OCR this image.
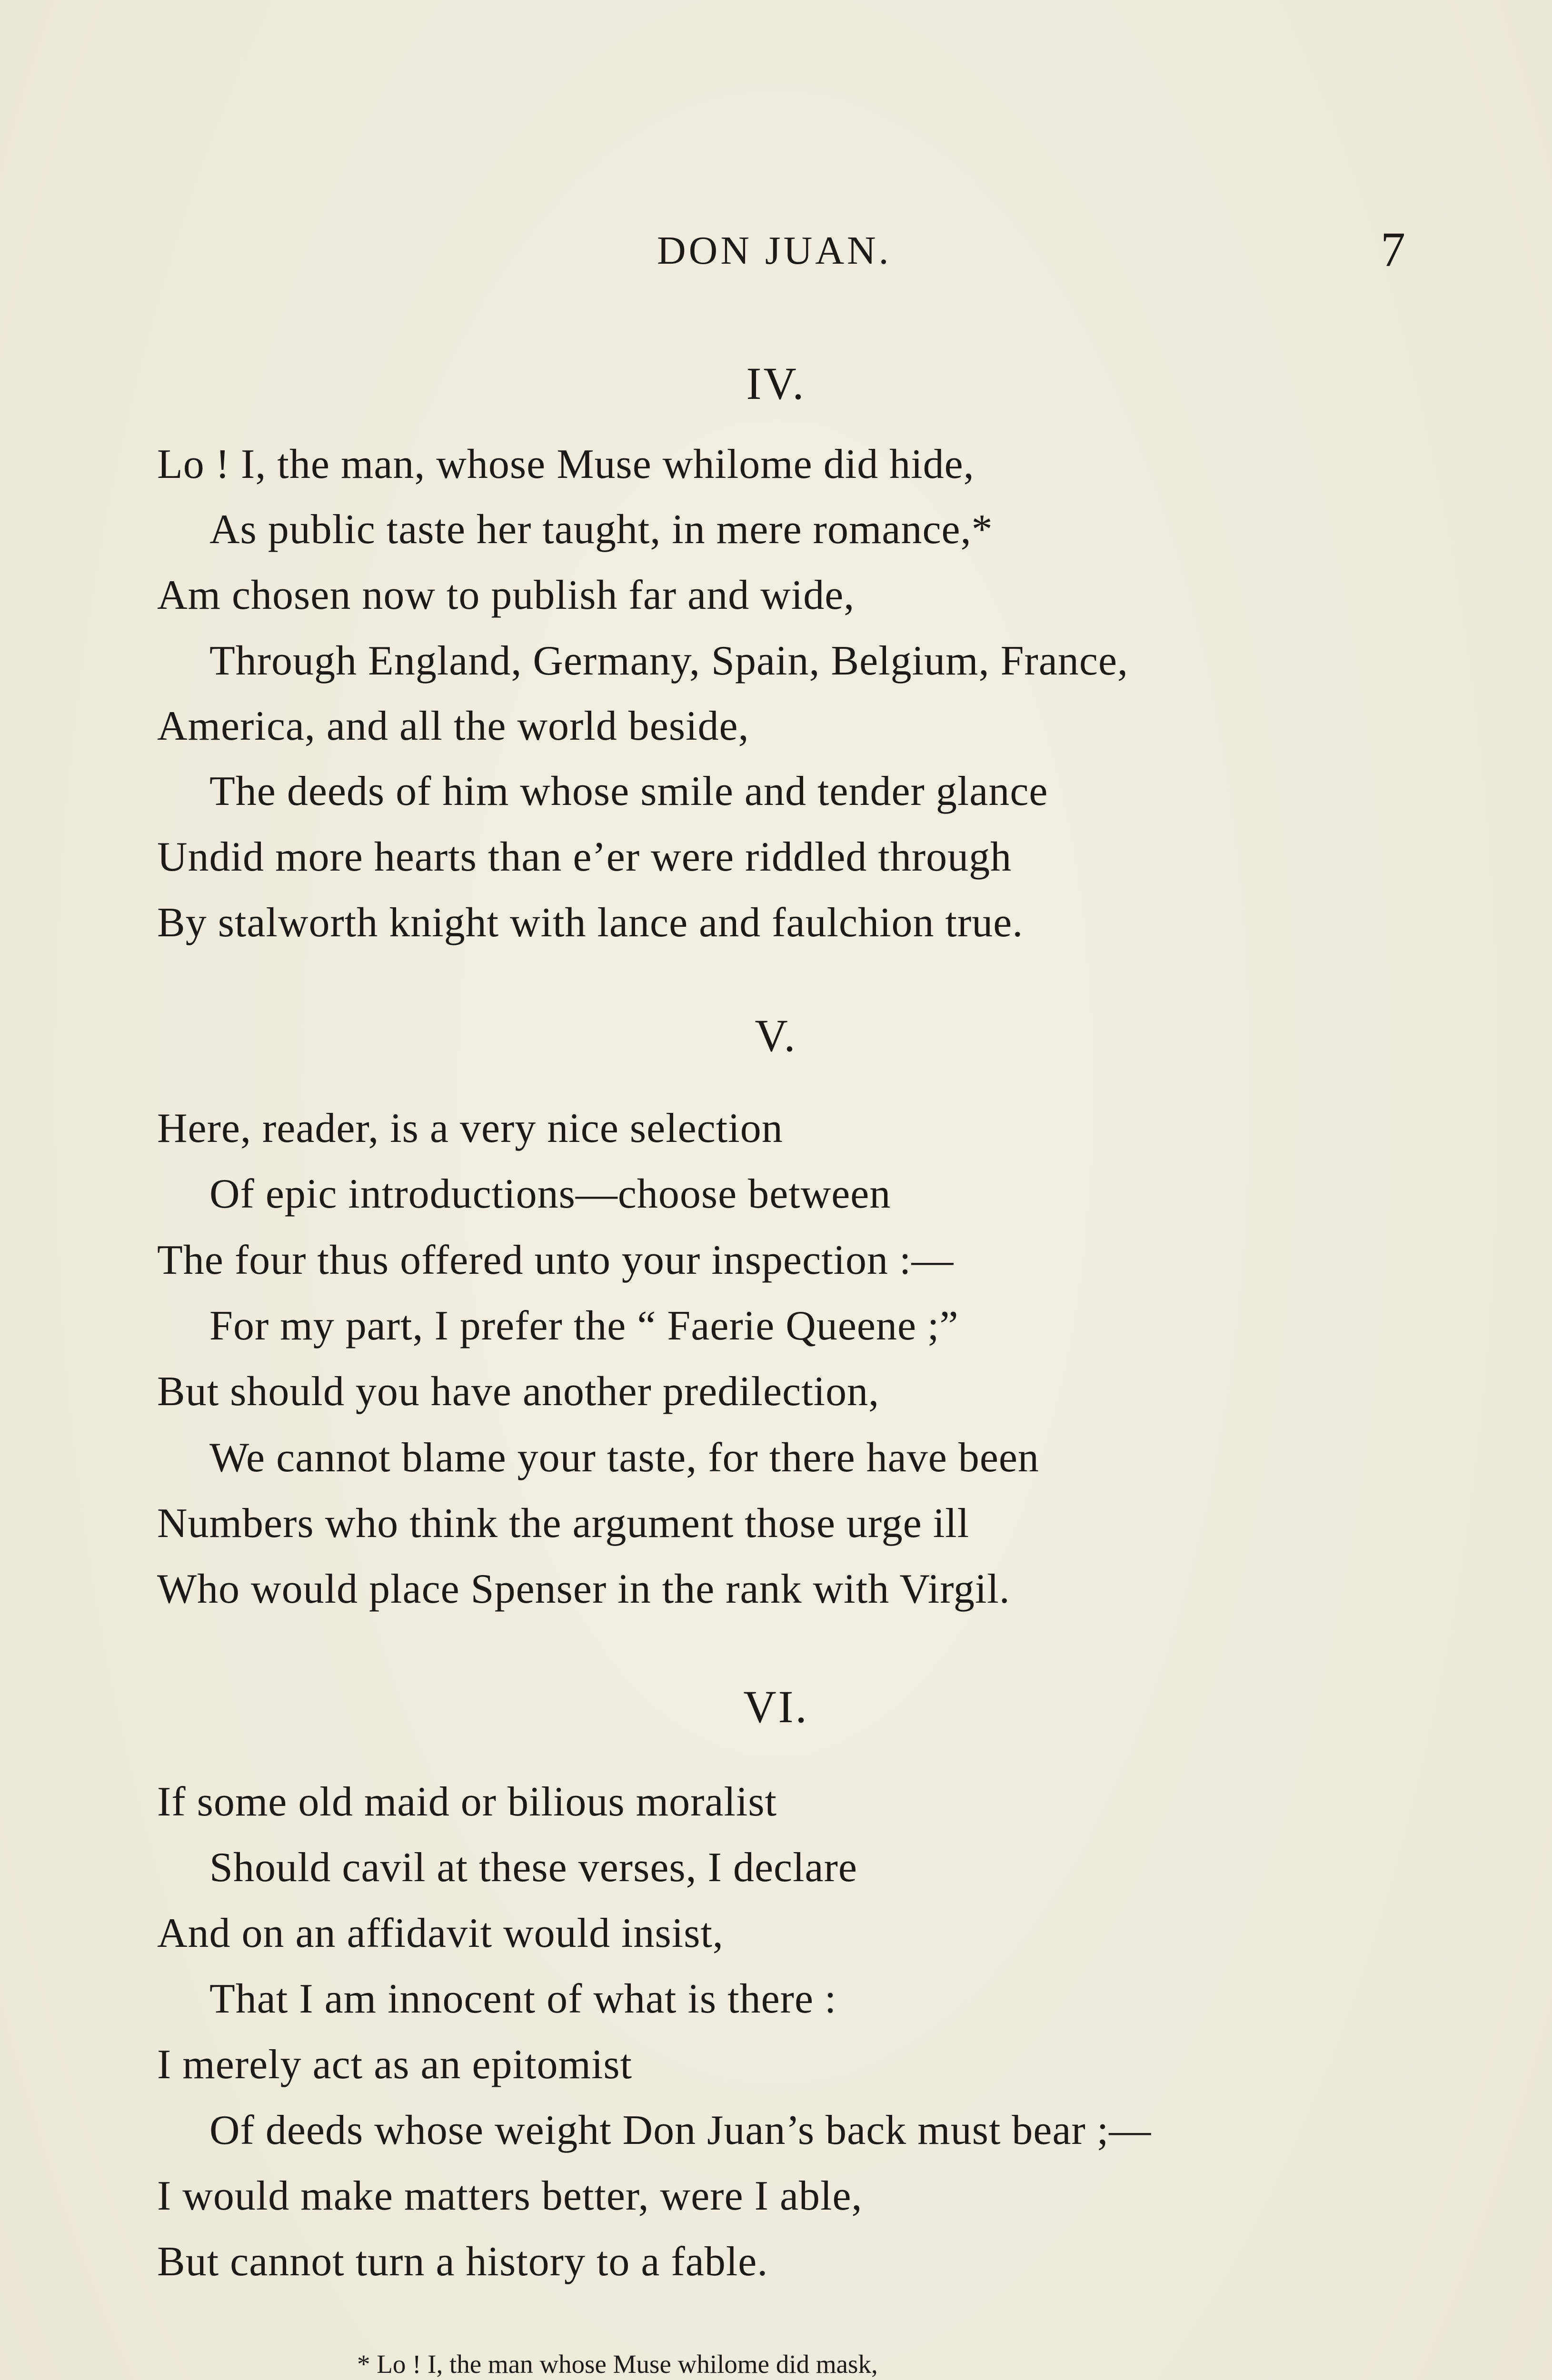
DON JUAN.	7
IV.
Lo ! I, the man, whose Muse whilome did hide,
As public taste her taught, in mere romance,*
Am chosen now to publish far and wide,
Through England, Germany, Spain, Belgium, France,
America, and all the world beside,
The deeds of him whose smile and tender glance
Undid more hearts than e’er were riddled through
By stalworth knight with lance and faulchion true.
V.
Here, reader, is a very nice selection
Of epic introductions—choose between
The four thus offered unto your inspection :—
For my part, I prefer the “ Faerie Queene ;”
But should you have another predilection,
We cannot blame your taste, for there have been
Numbers who think the argument those urge ill
Who would place Spenser in the rank with Virgil.
VI.
If some old maid or bilious moralist
Should cavil at these verses, I declare
And on an affidavit would insist,
That I am innocent of what is there :
I merely act as an epitomist
Of deeds whose weight Don Juan’s back must bear ;—
I would make matters better, were I able,
But cannot turn a history to a fable.
* Lo ! I, the man whose Muse whilome did mask,
